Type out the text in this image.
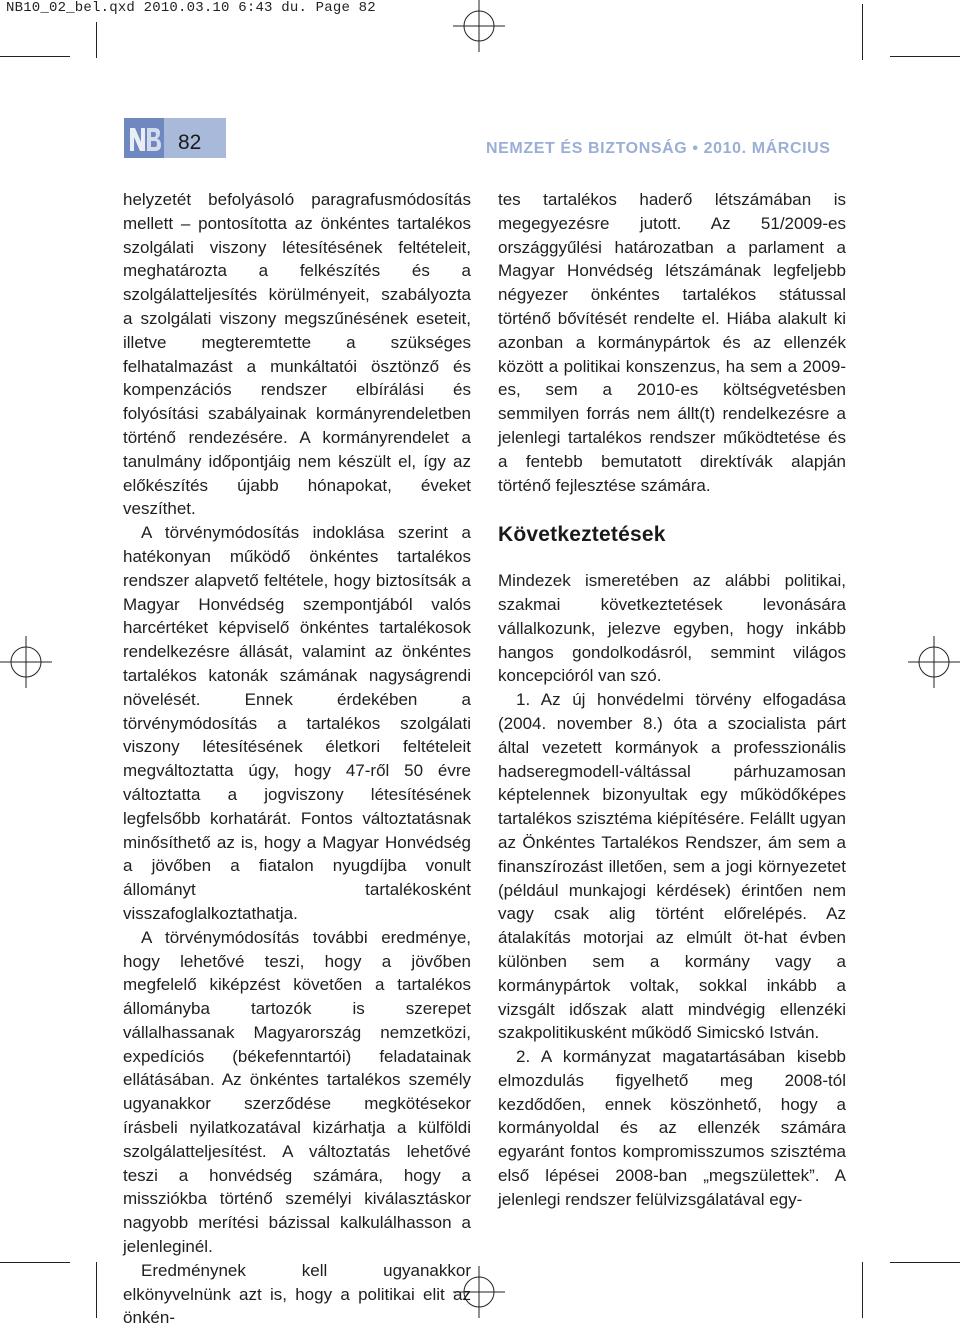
NB10_02_bel.qxd 2010.03.10 6:43 du. Page 82
82	NEMZET ÉS BIZTONSÁG • 2010. MÁRCIUS

helyzetét befolyásoló paragrafusmódosítás mellett – pontosította az önkéntes tartalékos szolgálati viszony létesítésének feltételeit, meghatározta a felkészítés és a szolgálatteljesítés körülményeit, szabályozta a szolgálati viszony megszűnésének eseteit, illetve megteremtette a szükséges felhatalmazást a munkáltatói ösztönző és kompenzációs rendszer elbírálási és folyósítási szabályainak kormányrendeletben történő rendezésére. A kormányrendelet a tanulmány időpontjáig nem készült el, így az előkészítés újabb hónapokat, éveket veszíthet.

A törvénymódosítás indoklása szerint a hatékonyan működő önkéntes tartalékos rendszer alapvető feltétele, hogy biztosítsák a Magyar Honvédség szempontjából valós harcértéket képviselő önkéntes tartalékosok rendelkezésre állását, valamint az önkéntes tartalékos katonák számának nagyságrendi növelését. Ennek érdekében a törvénymódosítás a tartalékos szolgálati viszony létesítésének életkori feltételeit megváltoztatta úgy, hogy 47-ről 50 évre változtatta a jogviszony létesítésének legfelsőbb korhatárát. Fontos változtatásnak minősíthető az is, hogy a Magyar Honvédség a jövőben a fiatalon nyugdíjba vonult állományt tartalékosként visszafoglalkoztathatja.

A törvénymódosítás további eredménye, hogy lehetővé teszi, hogy a jövőben megfelelő kiképzést követően a tartalékos állományba tartozók is szerepet vállalhassanak Magyarország nemzetközi, expedíciós (békefenntartói) feladatainak ellátásában. Az önkéntes tartalékos személy ugyanakkor szerződése megkötésekor írásbeli nyilatkozatával kizárhatja a külföldi szolgálatteljesítést. A változtatás lehetővé teszi a honvédség számára, hogy a missziókba történő személyi kiválasztáskor nagyobb merítési bázissal kalkulálhasson a jelenleginél.

Eredménynek kell ugyanakkor elkönyvelnünk azt is, hogy a politikai elit az önkén-

tes tartalékos haderő létszámában is megegyezésre jutott. Az 51/2009-es országgyűlési határozatban a parlament a Magyar Honvédség létszámának legfeljebb négyezer önkéntes tartalékos státussal történő bővítését rendelte el. Hiába alakult ki azonban a kormánypártok és az ellenzék között a politikai konszenzus, ha sem a 2009-es, sem a 2010-es költségvetésben semmilyen forrás nem állt(t) rendelkezésre a jelenlegi tartalékos rendszer működtetése és a fentebb bemutatott direktívák alapján történő fejlesztése számára.

Következtetések

Mindezek ismeretében az alábbi politikai, szakmai következtetések levonására vállalkozunk, jelezve egyben, hogy inkább hangos gondolkodásról, semmint világos koncepcióról van szó.

1. Az új honvédelmi törvény elfogadása (2004. november 8.) óta a szocialista párt által vezetett kormányok a professzionális hadseregmodell-váltással párhuzamosan képtelennek bizonyultak egy működőképes tartalékos szisztéma kiépítésére. Felállt ugyan az Önkéntes Tartalékos Rendszer, ám sem a finanszírozást illetően, sem a jogi környezetet (például munkajogi kérdések) érintően nem vagy csak alig történt előrelépés. Az átalakítás motorjai az elmúlt öt-hat évben különben sem a kormány vagy a kormánypártok voltak, sokkal inkább a vizsgált időszak alatt mindvégig ellenzéki szakpolitikusként működő Simicskó István.

2. A kormányzat magatartásában kisebb elmozdulás figyelhető meg 2008-tól kezdődően, ennek köszönhető, hogy a kormányoldal és az ellenzék számára egyaránt fontos kompromisszumos szisztéma első lépései 2008-ban „megszülettek”. A jelenlegi rendszer felülvizsgálatával egy-
